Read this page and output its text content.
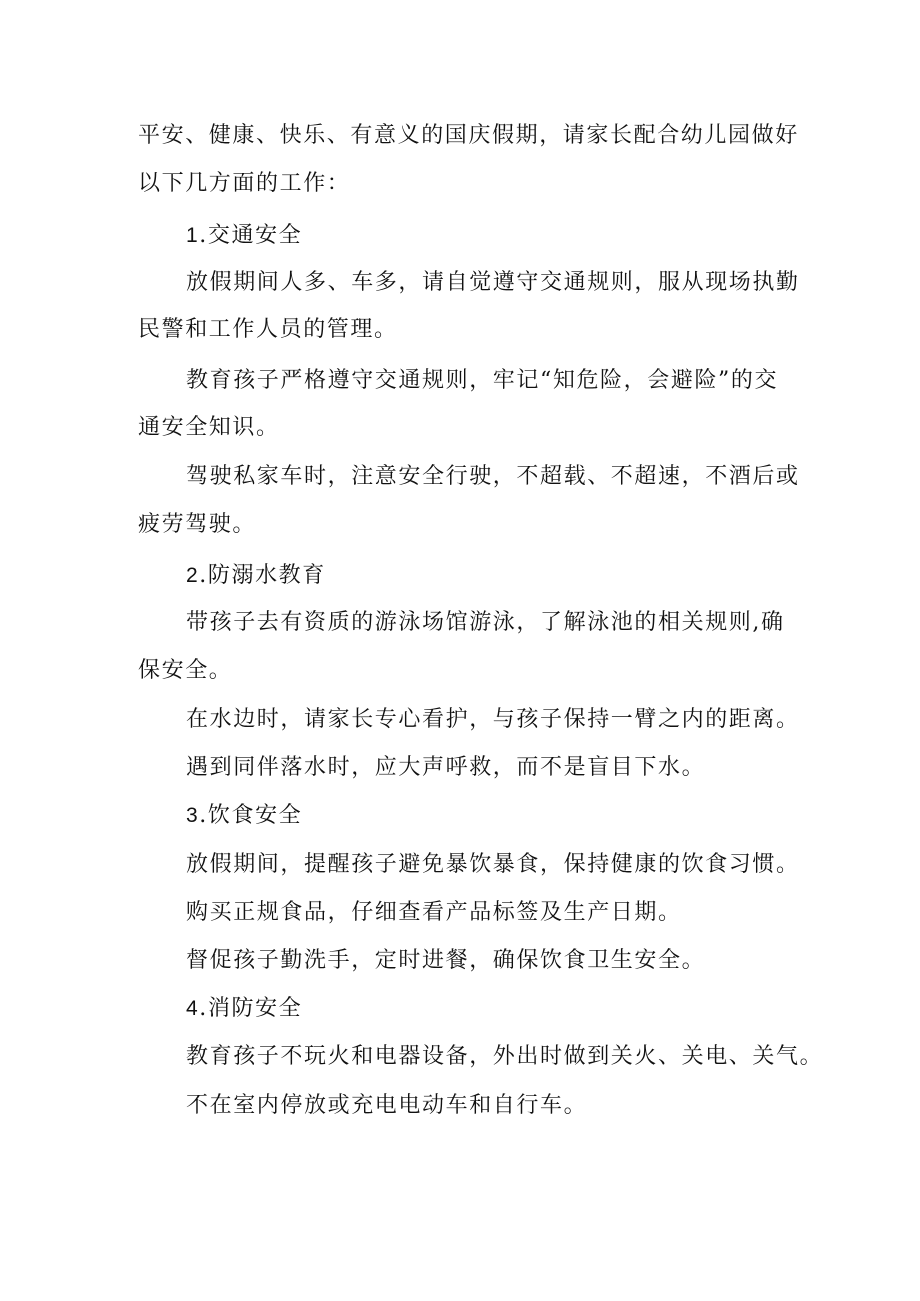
平安、健康、快乐、有意义的国庆假期，请家长配合幼儿园做好
以下几方面的工作：
1.交通安全
放假期间人多、车多，请自觉遵守交通规则，服从现场执勤
民警和工作人员的管理。
教育孩子严格遵守交通规则，牢记“知危险，会避险”的交
通安全知识。
驾驶私家车时，注意安全行驶，不超载、不超速，不酒后或
疲劳驾驶。
2.防溺水教育
带孩子去有资质的游泳场馆游泳，了解泳池的相关规则,确
保安全。
在水边时，请家长专心看护，与孩子保持一臂之内的距离。
遇到同伴落水时，应大声呼救，而不是盲目下水。
3.饮食安全
放假期间，提醒孩子避免暴饮暴食，保持健康的饮食习惯。
购买正规食品，仔细查看产品标签及生产日期。
督促孩子勤洗手，定时进餐，确保饮食卫生安全。
4.消防安全
教育孩子不玩火和电器设备，外出时做到关火、关电、关气。
不在室内停放或充电电动车和自行车。
